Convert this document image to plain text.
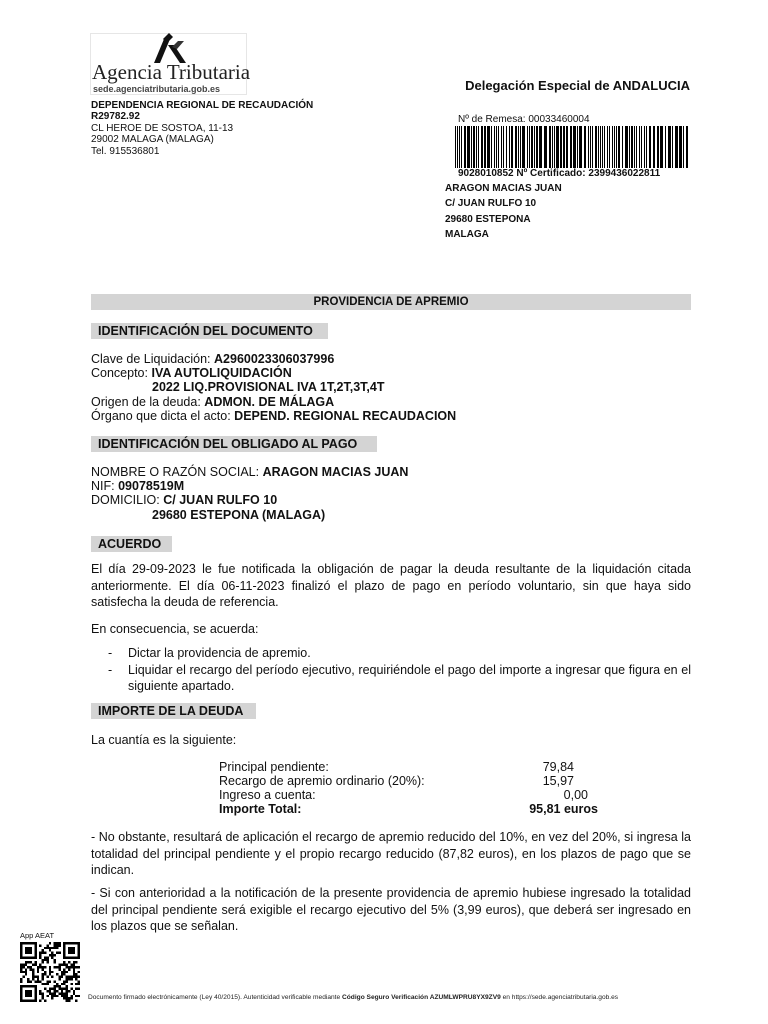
Agencia Tributaria
sede.agenciatributaria.gob.es	Delegación Especial de ANDALUCIA
DEPENDENCIA REGIONAL DE RECAUDACIÓN
R29782.92
CL HEROE DE SOSTOA, 11-13
29002 MALAGA (MALAGA)
Tel. 915536801
Nº de Remesa: 00033460004
9028010852 Nº Certificado: 2399436022811
ARAGON MACIAS JUAN
C/ JUAN RULFO 10
29680 ESTEPONA
MALAGA
PROVIDENCIA DE APREMIO
IDENTIFICACIÓN DEL DOCUMENTO
Clave de Liquidación: A2960023306037996
Concepto: IVA AUTOLIQUIDACIÓN
2022 LIQ.PROVISIONAL IVA 1T,2T,3T,4T
Origen de la deuda: ADMON. DE MÁLAGA
Órgano que dicta el acto: DEPEND. REGIONAL RECAUDACION
IDENTIFICACIÓN DEL OBLIGADO AL PAGO
NOMBRE O RAZÓN SOCIAL: ARAGON MACIAS JUAN
NIF: 09078519M
DOMICILIO: C/ JUAN RULFO 10
29680 ESTEPONA (MALAGA)
ACUERDO
El día 29-09-2023 le fue notificada la obligación de pagar la deuda resultante de la liquidación citada anteriormente. El día 06-11-2023 finalizó el plazo de pago en período voluntario, sin que haya sido satisfecha la deuda de referencia.
En consecuencia, se acuerda:
- Dictar la providencia de apremio.
- Liquidar el recargo del período ejecutivo, requiriéndole el pago del importe a ingresar que figura en el siguiente apartado.
IMPORTE DE LA DEUDA
La cuantía es la siguiente:
Principal pendiente:	79,84
Recargo de apremio ordinario (20%):	15,97
Ingreso a cuenta:	0,00
Importe Total:	95,81 euros
- No obstante, resultará de aplicación el recargo de apremio reducido del 10%, en vez del 20%, si ingresa la totalidad del principal pendiente y el propio recargo reducido (87,82 euros), en los plazos de pago que se indican.
- Si con anterioridad a la notificación de la presente providencia de apremio hubiese ingresado la totalidad del principal pendiente será exigible el recargo ejecutivo del 5% (3,99 euros), que deberá ser ingresado en los plazos que se señalan.
App AEAT
Documento firmado electrónicamente (Ley 40/2015). Autenticidad verificable mediante Código Seguro Verificación AZUMLWPRU8YX9ZV9 en https://sede.agenciatributaria.gob.es
